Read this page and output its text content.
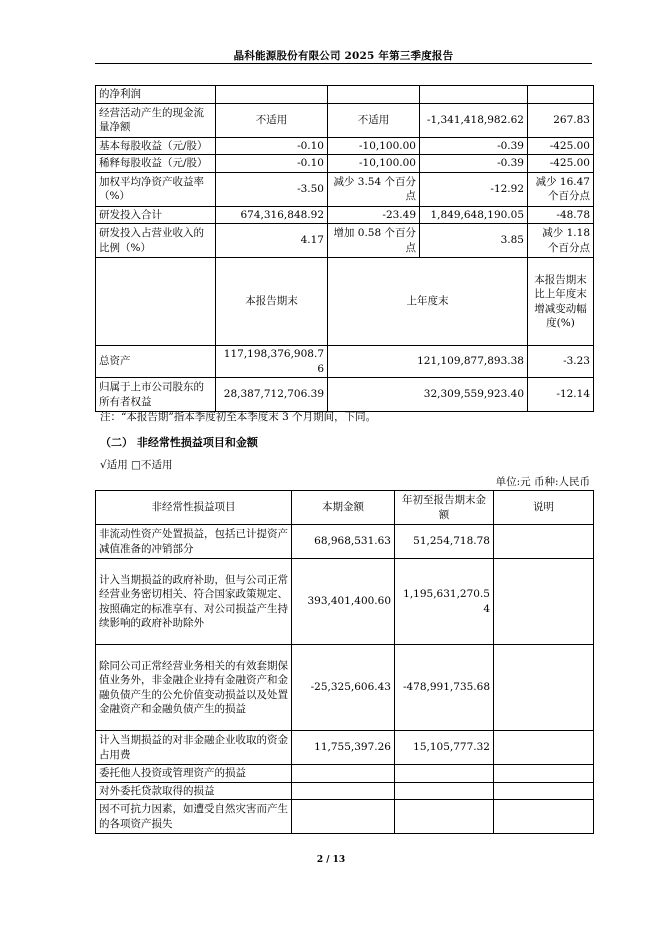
晶科能源股份有限公司 2025 年第三季度报告
的净利润				
经营活动产生的现金流量净额	不适用	不适用	-1,341,418,982.62	267.83
基本每股收益（元/股）	-0.10	-10,100.00	-0.39	-425.00
稀释每股收益（元/股）	-0.10	-10,100.00	-0.39	-425.00
加权平均净资产收益率（%）	-3.50	减少 3.54 个百分点	-12.92	减少 16.47 个百分点
研发投入合计	674,316,848.92	-23.49	1,849,648,190.05	-48.78
研发投入占营业收入的比例（%）	4.17	增加 0.58 个百分点	3.85	减少 1.18 个百分点
	本报告期末	上年度末		本报告期末比上年度末增减变动幅度(%)
总资产	117,198,376,908.76	121,109,877,893.38		-3.23
归属于上市公司股东的所有者权益	28,387,712,706.39	32,309,559,923.40		-12.14
注：“本报告期”指本季度初至本季度末 3 个月期间，下同。
（二） 非经常性损益项目和金额
√适用 □不适用
单位:元 币种:人民币
非经常性损益项目	本期金额	年初至报告期末金额	说明
非流动性资产处置损益，包括已计提资产减值准备的冲销部分	68,968,531.63	51,254,718.78	
计入当期损益的政府补助，但与公司正常经营业务密切相关、符合国家政策规定、按照确定的标准享有、对公司损益产生持续影响的政府补助除外	393,401,400.60	1,195,631,270.54	
除同公司正常经营业务相关的有效套期保值业务外，非金融企业持有金融资产和金融负债产生的公允价值变动损益以及处置金融资产和金融负债产生的损益	-25,325,606.43	-478,991,735.68	
计入当期损益的对非金融企业收取的资金占用费	11,755,397.26	15,105,777.32	
委托他人投资或管理资产的损益			
对外委托贷款取得的损益			
因不可抗力因素，如遭受自然灾害而产生的各项资产损失			
2 / 13
